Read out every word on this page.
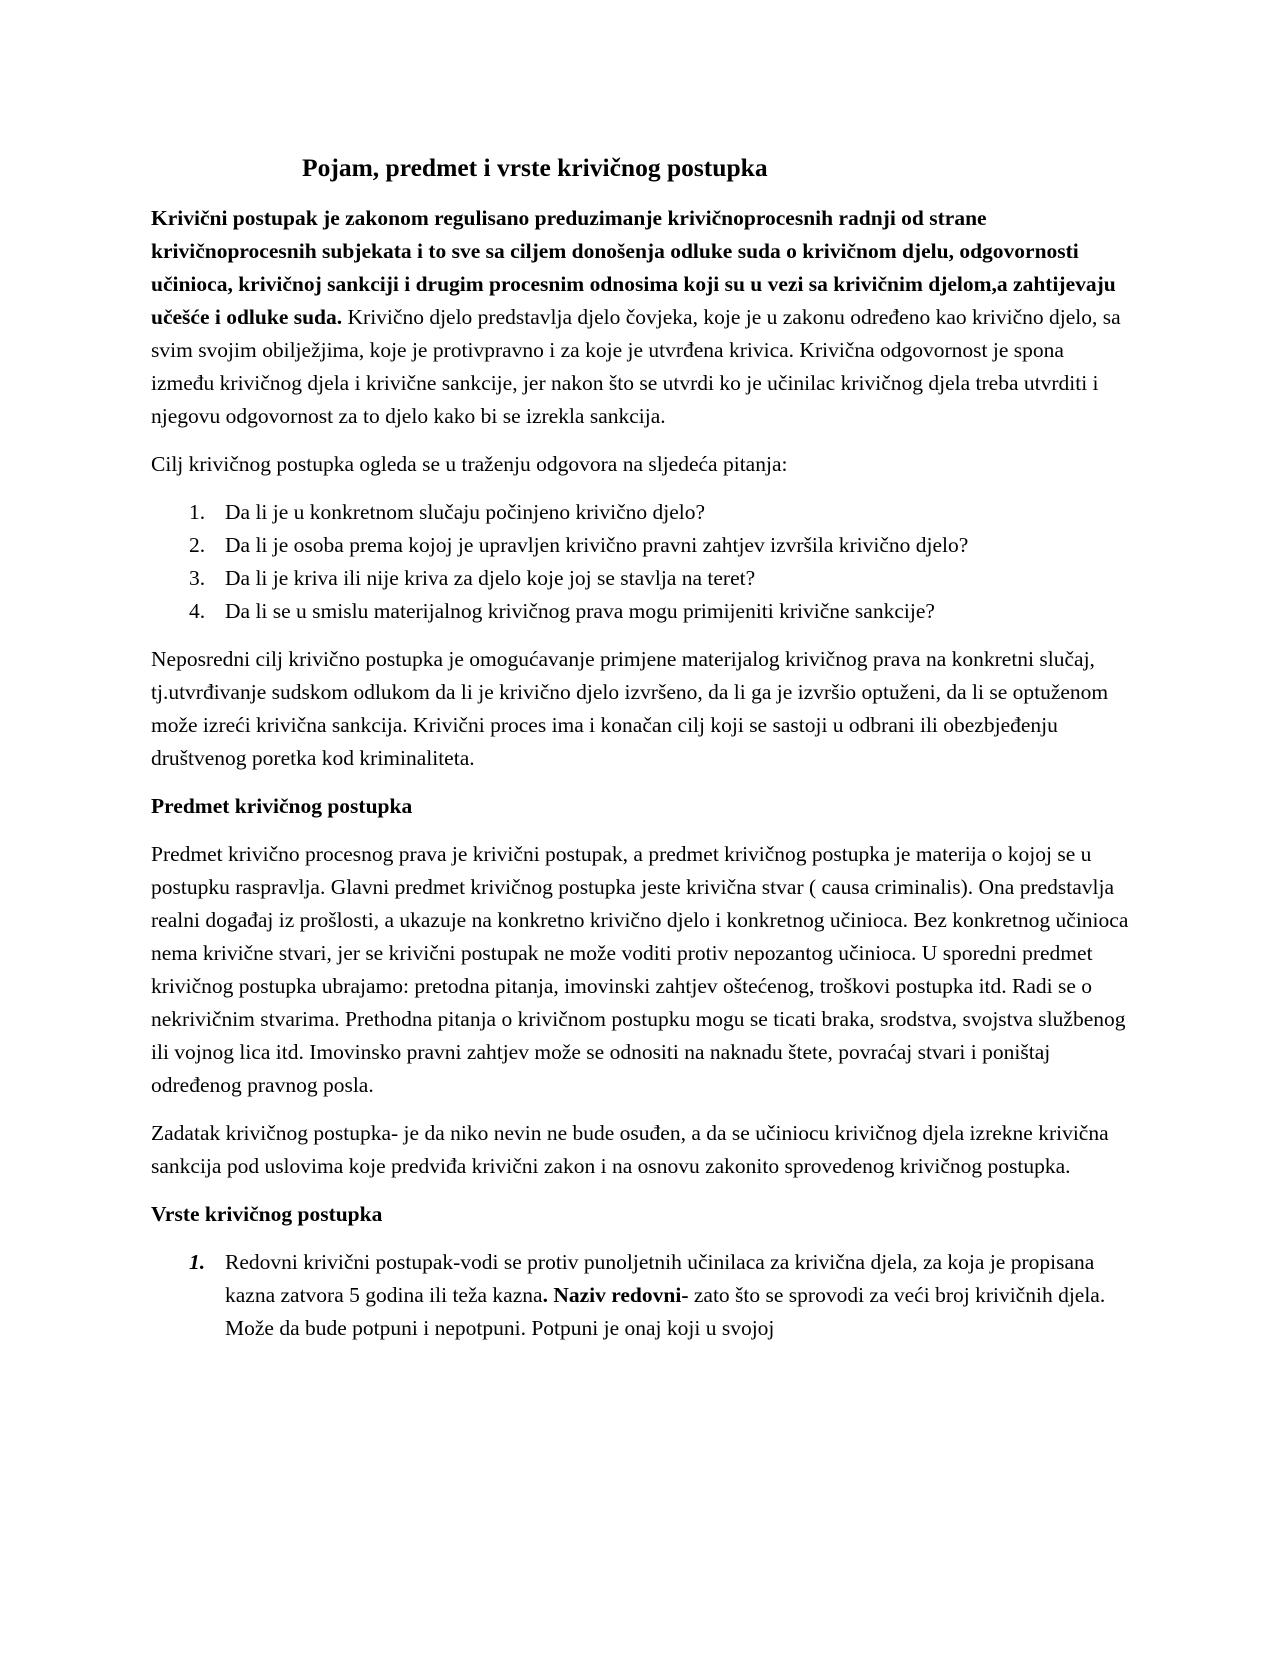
Pojam, predmet i vrste krivičnog postupka

Krivični postupak je zakonom regulisano preduzimanje krivičnoprocesnih radnji od strane krivičnoprocesnih subjekata i to sve sa ciljem donošenja odluke suda o krivičnom djelu, odgovornosti učinioca, krivičnoj sankciji i drugim procesnim odnosima koji su u vezi sa krivičnim djelom,a zahtijevaju učešće i odluke suda. Krivično djelo predstavlja djelo čovjeka, koje je u zakonu određeno kao krivično djelo, sa svim svojim obilježjima, koje je protivpravno i za koje je utvrđena krivica. Krivična odgovornost je spona između krivičnog djela i krivične sankcije, jer nakon što se utvrdi ko je učinilac krivičnog djela treba utvrditi i njegovu odgovornost za to djelo kako bi se izrekla sankcija.

Cilj krivičnog postupka ogleda se u traženju odgovora na sljedeća pitanja:

1. Da li je u konkretnom slučaju počinjeno krivično djelo?
2. Da li je osoba prema kojoj je upravljen krivično pravni zahtjev izvršila krivično djelo?
3. Da li je kriva ili nije kriva za djelo koje joj se stavlja na teret?
4. Da li se u smislu materijalnog krivičnog prava mogu primijeniti krivične sankcije?

Neposredni cilj krivično postupka je omogućavanje primjene materijalog krivičnog prava na konkretni slučaj, tj.utvrđivanje sudskom odlukom da li je krivično djelo izvršeno, da li ga je izvršio optuženi, da li se optuženom može izreći krivična sankcija. Krivični proces ima i konačan cilj koji se sastoji u odbrani ili obezbjeđenju društvenog poretka kod kriminaliteta.

Predmet krivičnog postupka

Predmet krivično procesnog prava je krivični postupak, a predmet krivičnog postupka je materija o kojoj se u postupku raspravlja. Glavni predmet krivičnog postupka jeste krivična stvar ( causa criminalis). Ona predstavlja realni događaj iz prošlosti, a ukazuje na konkretno krivično djelo i konkretnog učinioca. Bez konkretnog učinioca nema krivične stvari, jer se krivični postupak ne može voditi protiv nepozantog učinioca. U sporedni predmet krivičnog postupka ubrajamo: pretodna pitanja, imovinski zahtjev oštećenog, troškovi postupka itd. Radi se o nekrivičnim stvarima. Prethodna pitanja o krivičnom postupku mogu se ticati braka, srodstva, svojstva službenog ili vojnog lica itd. Imovinsko pravni zahtjev može se odnositi na naknadu štete, povraćaj stvari i poništaj određenog pravnog posla.

Zadatak krivičnog postupka- je da niko nevin ne bude osuđen, a da se učiniocu krivičnog djela izrekne krivična sankcija pod uslovima koje predviđa krivični zakon i na osnovu zakonito sprovedenog krivičnog postupka.

Vrste krivičnog postupka
1. Redovni krivični postupak-vodi se protiv punoljetnih učinilaca za krivična djela, za koja je propisana kazna zatvora 5 godina ili teža kazna. Naziv redovni- zato što se sprovodi za veći broj krivičnih djela. Može da bude potpuni i nepotpuni. Potpuni je onaj koji u svojoj
